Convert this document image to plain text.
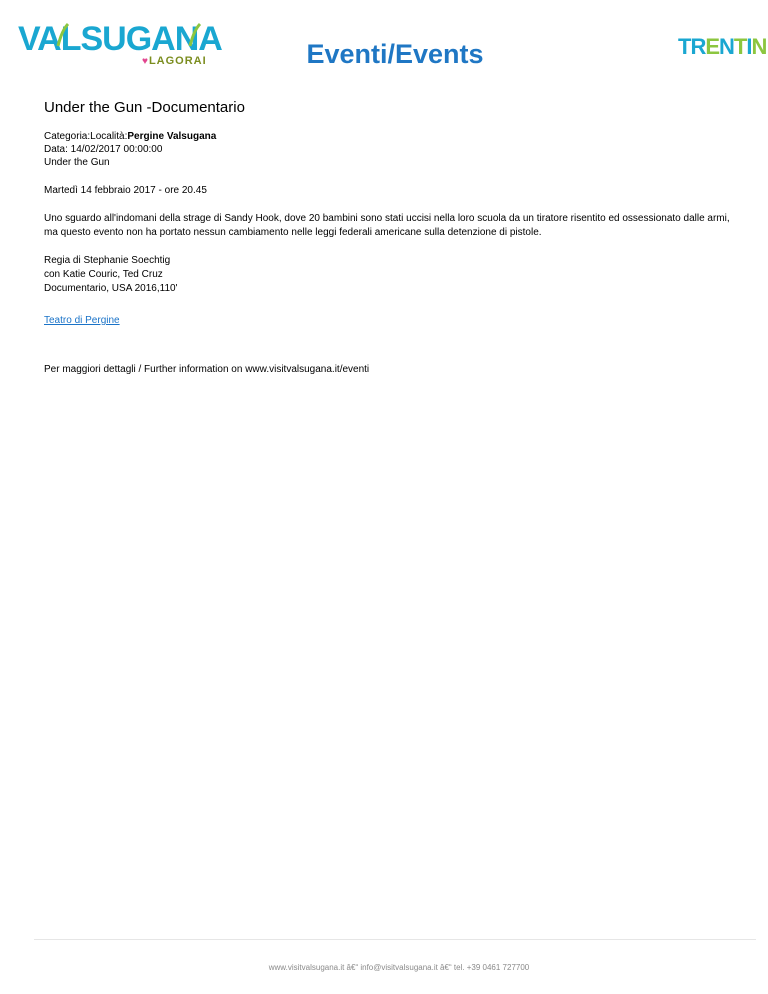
VALSUGANA
♥ LAGORAI	Eventi/Events	TRENTIN
Under the Gun -Documentario

Categoria:Località:Pergine Valsugana

Data: 14/02/2017 00:00:00

Under the Gun

Martedì 14 febbraio 2017 - ore 20.45

Uno sguardo all'indomani della strage di Sandy Hook, dove 20 bambini sono stati uccisi nella loro scuola da un tiratore risentito ed ossessionato dalle armi, ma questo evento non ha portato nessun cambiamento nelle leggi federali americane sulla detenzione di pistole.

Regia di Stephanie Soechtig

con Katie Couric, Ted Cruz

Documentario, USA 2016,110'

Teatro di Pergine

Per maggiori dettagli / Further information on www.visitvalsugana.it/eventi

www.visitvalsugana.it â€“ info@visitvalsugana.it â€“ tel. +39 0461 727700
